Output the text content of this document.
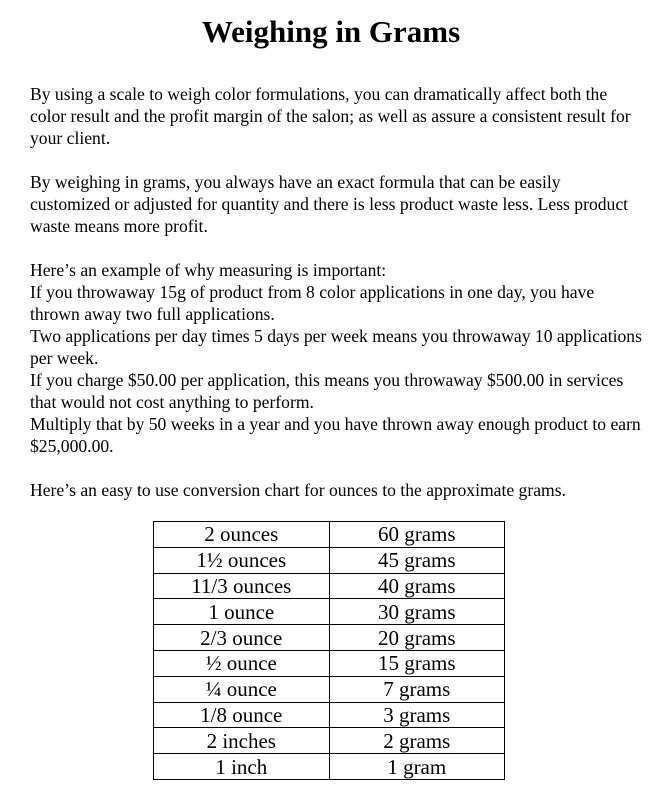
Weighing in Grams

By using a scale to weigh color formulations, you can dramatically affect both the color result and the profit margin of the salon; as well as assure a consistent result for your client.

By weighing in grams, you always have an exact formula that can be easily customized or adjusted for quantity and there is less product waste less. Less product waste means more profit.

Here’s an example of why measuring is important:

If you throwaway 15g of product from 8 color applications in one day, you have thrown away two full applications.

Two applications per day times 5 days per week means you throwaway 10 applications per week.

If you charge $50.00 per application, this means you throwaway $500.00 in services that would not cost anything to perform.

Multiply that by 50 weeks in a year and you have thrown away enough product to earn $25,000.00.

Here’s an easy to use conversion chart for ounces to the approximate grams.

2 ounces	60 grams
1½ ounces	45 grams
11/3 ounces	40 grams
1 ounce	30 grams
2/3 ounce	20 grams
½ ounce	15 grams
¼ ounce	7 grams
1/8 ounce	3 grams
2 inches	2 grams
1 inch	1 gram
